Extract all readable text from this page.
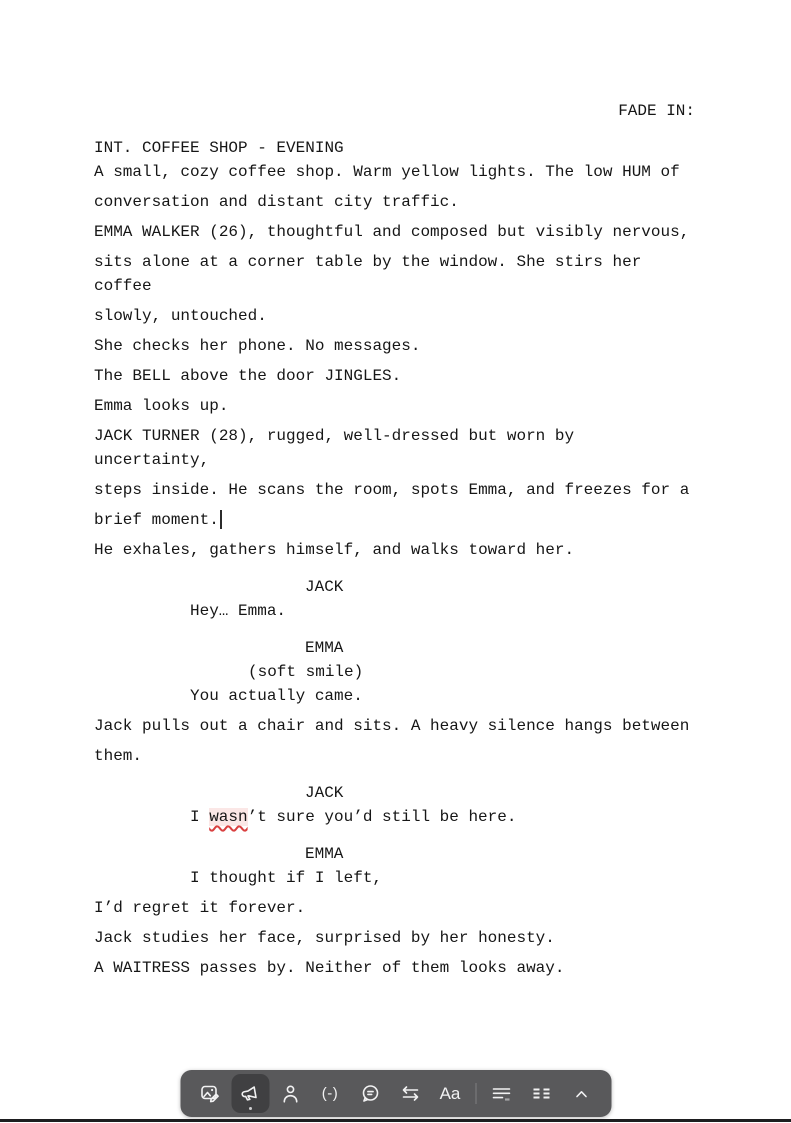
FADE IN:
INT. COFFEE SHOP - EVENING
A small, cozy coffee shop. Warm yellow lights. The low HUM of
conversation and distant city traffic.
EMMA WALKER (26), thoughtful and composed but visibly nervous,
sits alone at a corner table by the window. She stirs her
coffee
slowly, untouched.
She checks her phone. No messages.
The BELL above the door JINGLES.
Emma looks up.
JACK TURNER (28), rugged, well-dressed but worn by
uncertainty,
steps inside. He scans the room, spots Emma, and freezes for a
brief moment.
He exhales, gathers himself, and walks toward her.
JACK
Hey… Emma.
EMMA
(soft smile)
You actually came.
Jack pulls out a chair and sits. A heavy silence hangs between
them.
JACK
I wasn’t sure you’d still be here.
EMMA
I thought if I left,
I’d regret it forever.
Jack studies her face, surprised by her honesty.
A WAITRESS passes by. Neither of them looks away.
(-)	Aa
